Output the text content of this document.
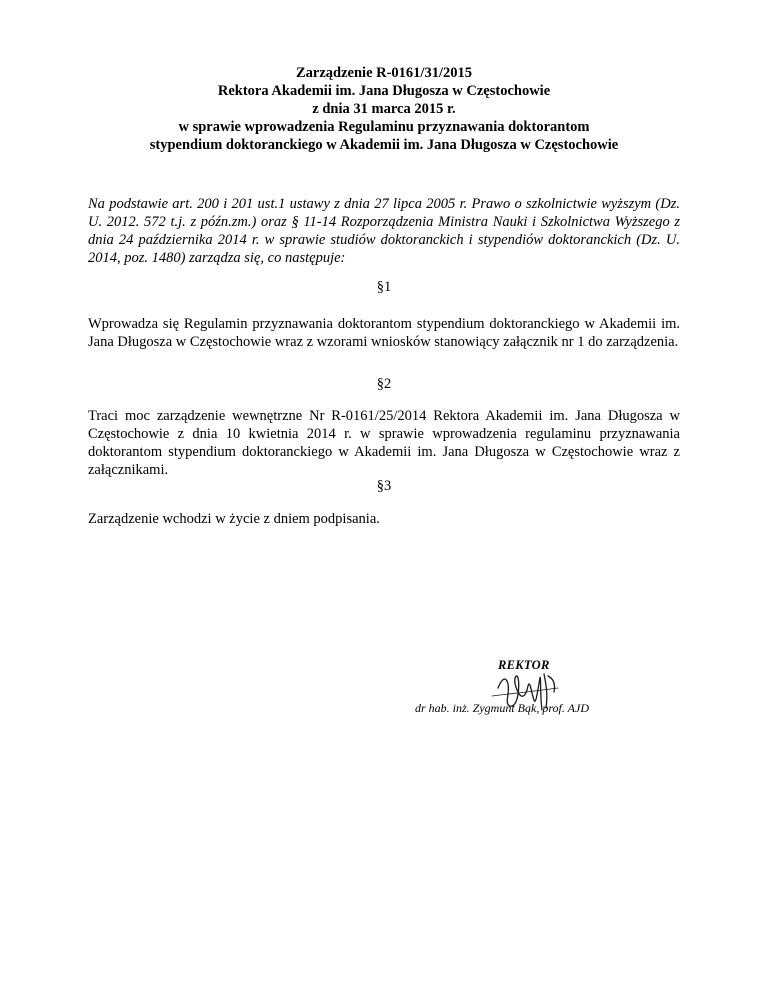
Zarządzenie R-0161/31/2015
Rektora Akademii im. Jana Długosza w Częstochowie
z dnia 31 marca 2015 r.
w sprawie wprowadzenia Regulaminu przyznawania doktorantom
stypendium doktoranckiego w Akademii im. Jana Długosza w Częstochowie
Na podstawie art. 200 i 201 ust.1 ustawy z dnia 27 lipca 2005 r. Prawo o szkolnictwie wyższym (Dz. U. 2012. 572 t.j. z późn.zm.) oraz § 11-14 Rozporządzenia Ministra Nauki i Szkolnictwa Wyższego z dnia 24 października 2014 r. w sprawie studiów doktoranckich i stypendiów doktoranckich (Dz. U. 2014, poz. 1480) zarządza się, co następuje:
§1
Wprowadza się Regulamin przyznawania doktorantom stypendium doktoranckiego w Akademii im. Jana Długosza w Częstochowie wraz z wzorami wniosków stanowiący załącznik nr 1 do zarządzenia.
§2
Traci moc zarządzenie wewnętrzne Nr R-0161/25/2014 Rektora Akademii im. Jana Długosza w Częstochowie z dnia 10 kwietnia 2014 r. w sprawie wprowadzenia regulaminu przyznawania doktorantom stypendium doktoranckiego w Akademii im. Jana Długosza w Częstochowie wraz z załącznikami.
§3
Zarządzenie wchodzi w życie z dniem podpisania.
REKTOR
dr hab. inż. Zygmunt Bąk, prof. AJD
